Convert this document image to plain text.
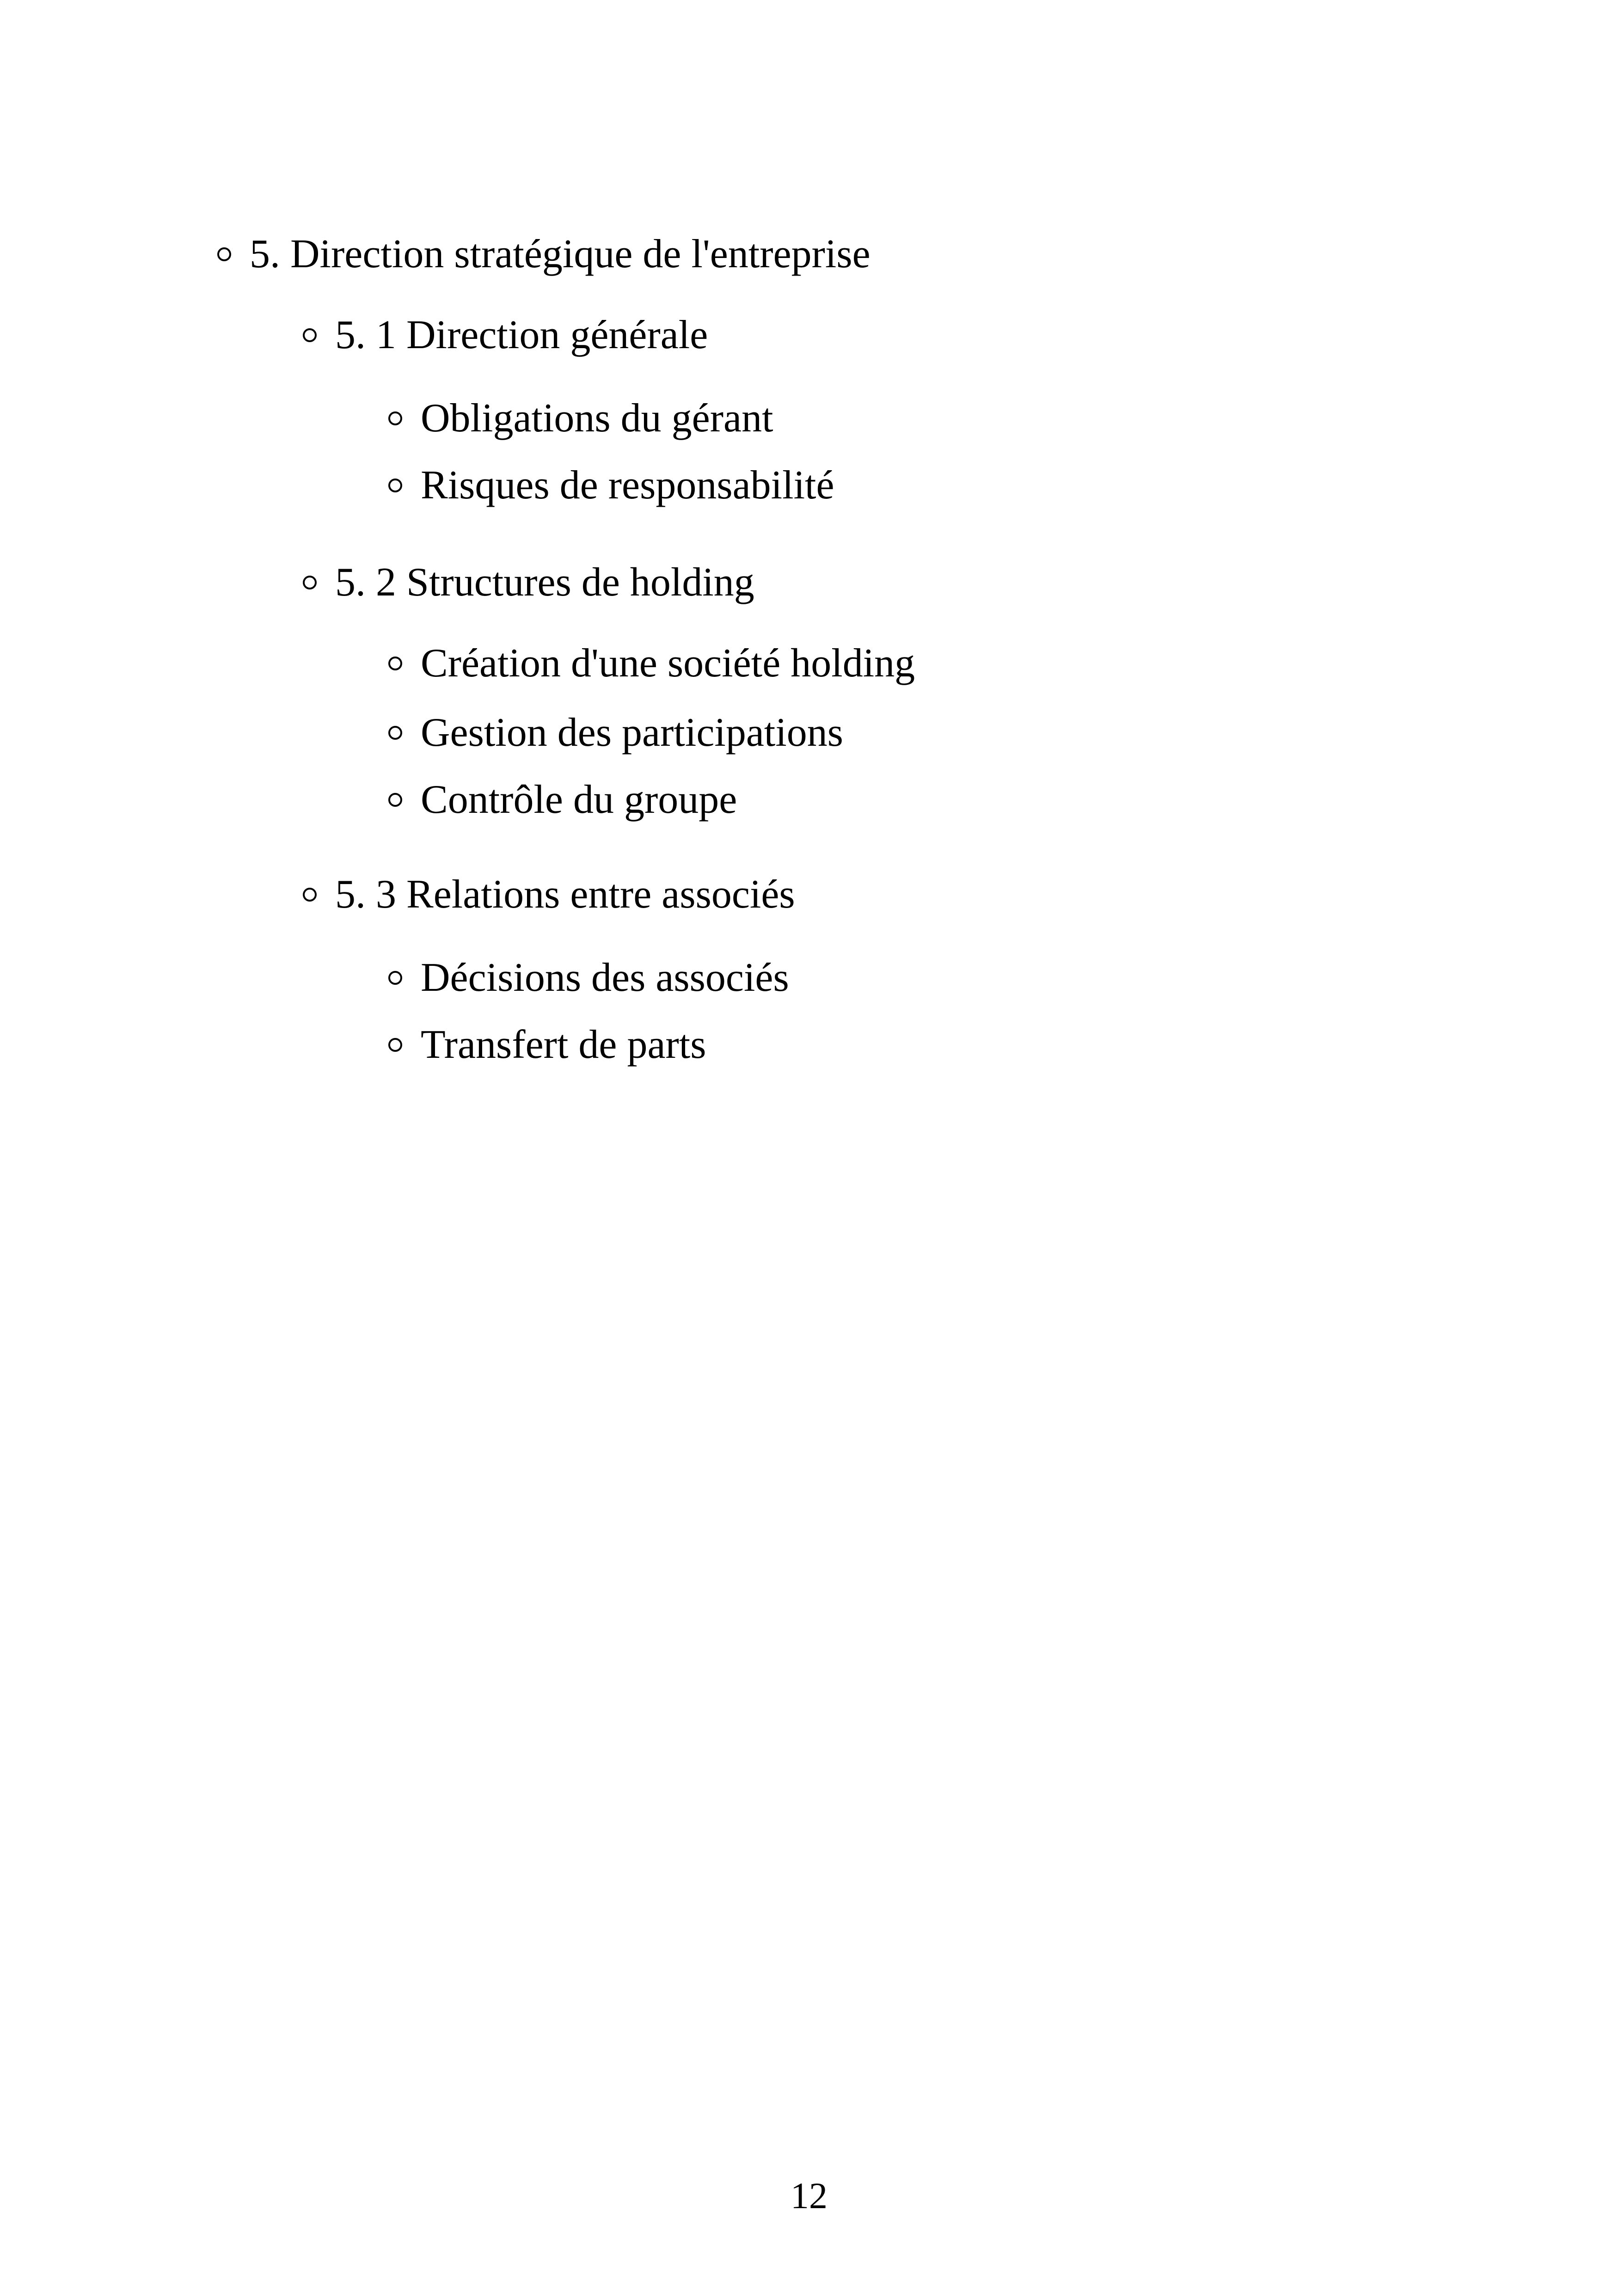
5. Direction stratégique de l'entreprise
5. 1 Direction générale
Obligations du gérant
Risques de responsabilité
5. 2 Structures de holding
Création d'une société holding
Gestion des participations
Contrôle du groupe
5. 3 Relations entre associés
Décisions des associés
Transfert de parts
12
